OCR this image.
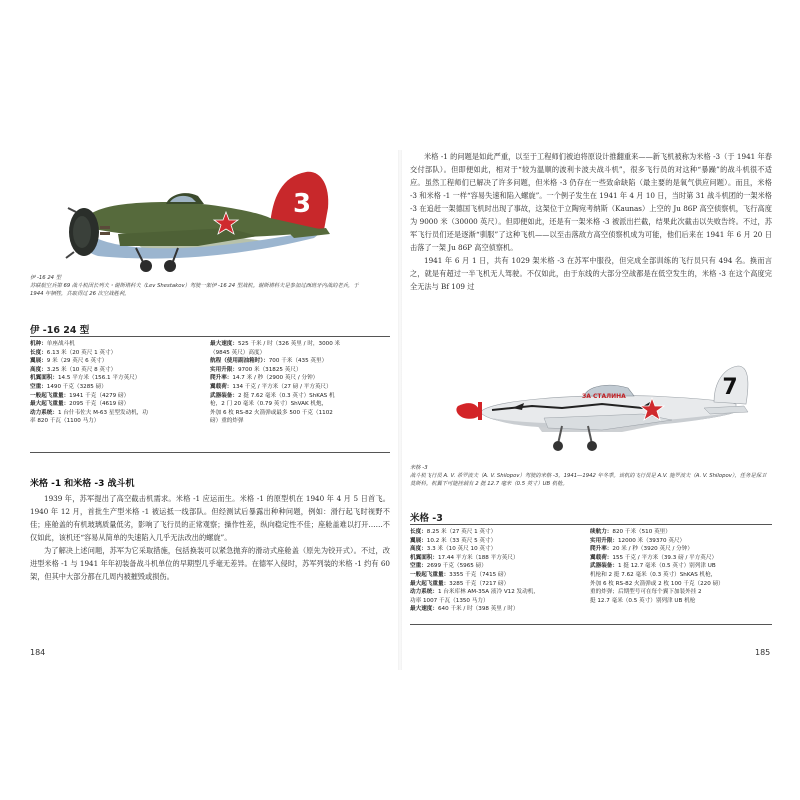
3
伊 -16 24 型
苏联航空兵第 69 战斗机团长列夫・谢斯塔科夫（Lev Shestakov）驾驶一架伊 -16 24 型战机。谢斯塔科夫是参加过西班牙内战的老兵，于 1944 年牺牲，共取得过 26 次空战胜利。
伊 -16 24 型
机种：单座战斗机
长度：6.13 米（20 英尺 1 英寸）
翼展：9 米（29 英尺 6 英寸）
高度：3.25 米（10 英尺 8 英寸）
机翼面积：14.5 平方米（156.1 平方英尺）
空重：1490 千克（3285 磅）
一般起飞重量：1941 千克（4279 磅）
最大起飞重量：2095 千克（4619 磅）
动力系统：1 台什韦佐夫 M-63 星型发动机，功
率 820 千瓦（1100 马力）
最大速度：525 千米 / 时（326 英里 / 时，3000 米
（9845 英尺）高度）
航程（使用副油箱时）：700 千米（435 英里）
实用升限：9700 米（31825 英尺）
爬升率：14.7 米 / 秒（2900 英尺 / 分钟）
翼载荷：134 千克 / 平方米（27 磅 / 平方英尺）
武器装备：2 挺 7.62 毫米（0.3 英寸）ShKAS 机
枪，2 门 20 毫米（0.79 英寸）ShVAK 机炮，
外加 6 枚 RS-82 火箭弹或最多 500 千克（1102
磅）重的炸弹
米格 -1 和米格 -3 战斗机

1939 年，苏军提出了高空截击机需求。米格 -1 应运而生。米格 -1 的原型机在 1940 年 4 月 5 日首飞。1940 年 12 月，首批生产型米格 -1 被运抵一线部队。但经测试后暴露出种种问题，例如：滑行起飞时视野不佳；座舱盖的有机玻璃质量低劣，影响了飞行员的正常观察；操作性差，纵向稳定性不佳；座舱盖难以打开……不仅如此，该机还“容易从简单的失速陷入几乎无法改出的螺旋”。

为了解决上述问题，苏军为它采取措施，包括换装可以紧急抛弃的滑动式座舱盖（原先为铰开式）。不过，改进型米格 -1 与 1941 年年初装备战斗机单位的早期型几乎毫无差异。在德军入侵时，苏军列装的米格 -1 约有 60 架，但其中大部分都在几周内被摧毁或损伤。

184

米格 -1 的问题是如此严重，以至于工程师们被迫将原设计推翻重来——新飞机被称为米格 -3（于 1941 年春交付部队）。但即便如此，相对于“较为温顺的波利卡波夫战斗机”，很多飞行员的对这种“暴躁”的战斗机很不适应。虽然工程师们已解决了许多问题，但米格 -3 仍存在一些致命缺陷（最主要的是氧气供应问题）。而且，米格 -3 和米格 -1 一样“容易失速和陷入螺旋”。一个例子发生在 1941 年 4 月 10 日，当时第 31 战斗机团的一架米格 -3 在追赶一架德国飞机时出现了事故，这架位于立陶宛考纳斯（Kaunas）上空的 Ju 86P 高空侦察机，飞行高度为 9000 米（30000 英尺）。但即便如此，还是有一架米格 -3 被派出拦截，结果此次截击以失败告终。不过，苏军飞行员们还是逐渐“驯服”了这种飞机——以至击落敌方高空侦察机成为可能，他们后来在 1941 年 6 月 20 日击落了一架 Ju 86P 高空侦察机。

1941 年 6 月 1 日，共有 1029 架米格 -3 在苏军中服役，但完成全部训练的飞行员只有 494 名。换而言之，就是有超过一半飞机无人驾驶。不仅如此，由于东线的大部分空战都是在低空发生的，米格 -3 在这个高度完全无法与 Bf 109 过

ЗА СТАЛИНА	7
米格 -3
战斗机飞行员 A. V. 希罗波夫（A. V. Shilopov）驾驶的米格 -3，1941—1942 年冬季。该机的飞行员是 A.V. 施罗波夫（A. V. Shilopov），任务是保卫莫斯科。机翼下可能挂载有 2 挺 12.7 毫米（0.5 英寸）UB 机枪。
米格 -3
长度：8.25 米（27 英尺 1 英寸）
翼展：10.2 米（33 英尺 5 英寸）
高度：3.3 米（10 英尺 10 英寸）
机翼面积：17.44 平方米（188 平方英尺）
空重：2699 千克（5965 磅）
一般起飞重量：3355 千克（7415 磅）
最大起飞重量：3285 千克（7217 磅）
动力系统：1 台米库林 AM-35A 液冷 V12 发动机，
功率 1007 千瓦（1350 马力）
最大速度：640 千米 / 时（398 英里 / 时）
续航力：820 千米（510 英里）
实用升限：12000 米（39370 英尺）
爬升率：20 米 / 秒（3920 英尺 / 分钟）
翼载荷：155 千克 / 平方米（39.3 磅 / 平方英尺）
武器装备：1 挺 12.7 毫米（0.5 英寸）别列津 UB
机枪和 2 挺 7.62 毫米（0.3 英寸）ShKAS 机枪，
外加 6 枚 RS-82 火箭弹或 2 枚 100 千克（220 磅）
重的炸弹；后期型号可在每个翼下加装外挂 2
挺 12.7 毫米（0.5 英寸）别列津 UB 机枪
185
